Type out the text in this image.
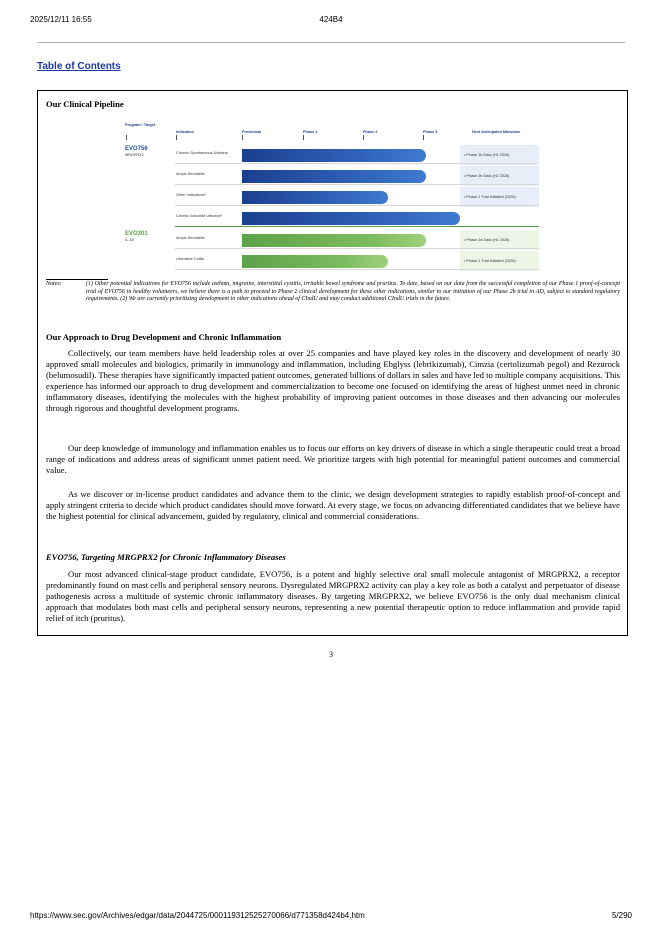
2025/12/11 16:55	424B4
Table of Contents
Our Clinical Pipeline
Program / Target
Indication	Preclinical	Phase 1	Phase 2	Phase 3	Next Anticipated Milestone
EVO756
MRGPRX2	Chronic Spontaneous Urticaria	• Phase 2b Data (H1 2026)
Atopic Dermatitis	• Phase 2b Data (H2 2026)
Other Indications¹	• Phase 2 Trial Initiation (2026)
Chronic Inducible Urticaria²
EVO301
IL-18	Atopic Dermatitis	• Phase 2a Data (H1 2026)
Ulcerative Colitis	• Phase 2 Trial Initiation (2026)
Notes:	(1) Other potential indications for EVO756 include asthma, migraine, interstitial cystitis, irritable bowel syndrome and pruritus. To date, based on our data from the successful completion of our Phase 1 proof-of-concept trial of EVO756 in healthy volunteers, we believe there is a path to proceed to Phase 2 clinical development for these other indications, similar to our initiation of our Phase 2b trial in AD, subject to standard regulatory requirements. (2) We are currently prioritizing development in other indications ahead of CIndU and may conduct additional CIndU trials in the future.
Our Approach to Drug Development and Chronic Inflammation
Collectively, our team members have held leadership roles at over 25 companies and have played key roles in the discovery and development of nearly 30 approved small molecules and biologics, primarily in immunology and inflammation, including Ebglyss (lebrikizumab), Cimzia (certolizumab pegol) and Rezurock (belumosudil). These therapies have significantly impacted patient outcomes, generated billions of dollars in sales and have led to multiple company acquisitions. This experience has informed our approach to drug development and commercialization to become one focused on identifying the areas of highest unmet need in chronic inflammatory diseases, identifying the molecules with the highest probability of improving patient outcomes in those diseases and then advancing our molecules through rigorous and thoughtful development programs.
Our deep knowledge of immunology and inflammation enables us to focus our efforts on key drivers of disease in which a single therapeutic could treat a broad range of indications and address areas of significant unmet patient need. We prioritize targets with high potential for meaningful patient outcomes and commercial value.
As we discover or in-license product candidates and advance them to the clinic, we design development strategies to rapidly establish proof-of-concept and apply stringent criteria to decide which product candidates should move forward. At every stage, we focus on advancing differentiated candidates that we believe have the highest potential for clinical advancement, guided by regulatory, clinical and commercial considerations.
EVO756, Targeting MRGPRX2 for Chronic Inflammatory Diseases
Our most advanced clinical-stage product candidate, EVO756, is a potent and highly selective oral small molecule antagonist of MRGPRX2, a receptor predominantly found on mast cells and peripheral sensory neurons. Dysregulated MRGPRX2 activity can play a key role as both a catalyst and perpetuator of disease pathogenesis across a multitude of systemic chronic inflammatory diseases. By targeting MRGPRX2, we believe EVO756 is the only dual mechanism clinical approach that modulates both mast cells and peripheral sensory neurons, representing a new potential therapeutic option to reduce inflammation and provide rapid relief of itch (pruritus).
3
https://www.sec.gov/Archives/edgar/data/2044725/000119312525270066/d771358d424b4.htm	5/290
